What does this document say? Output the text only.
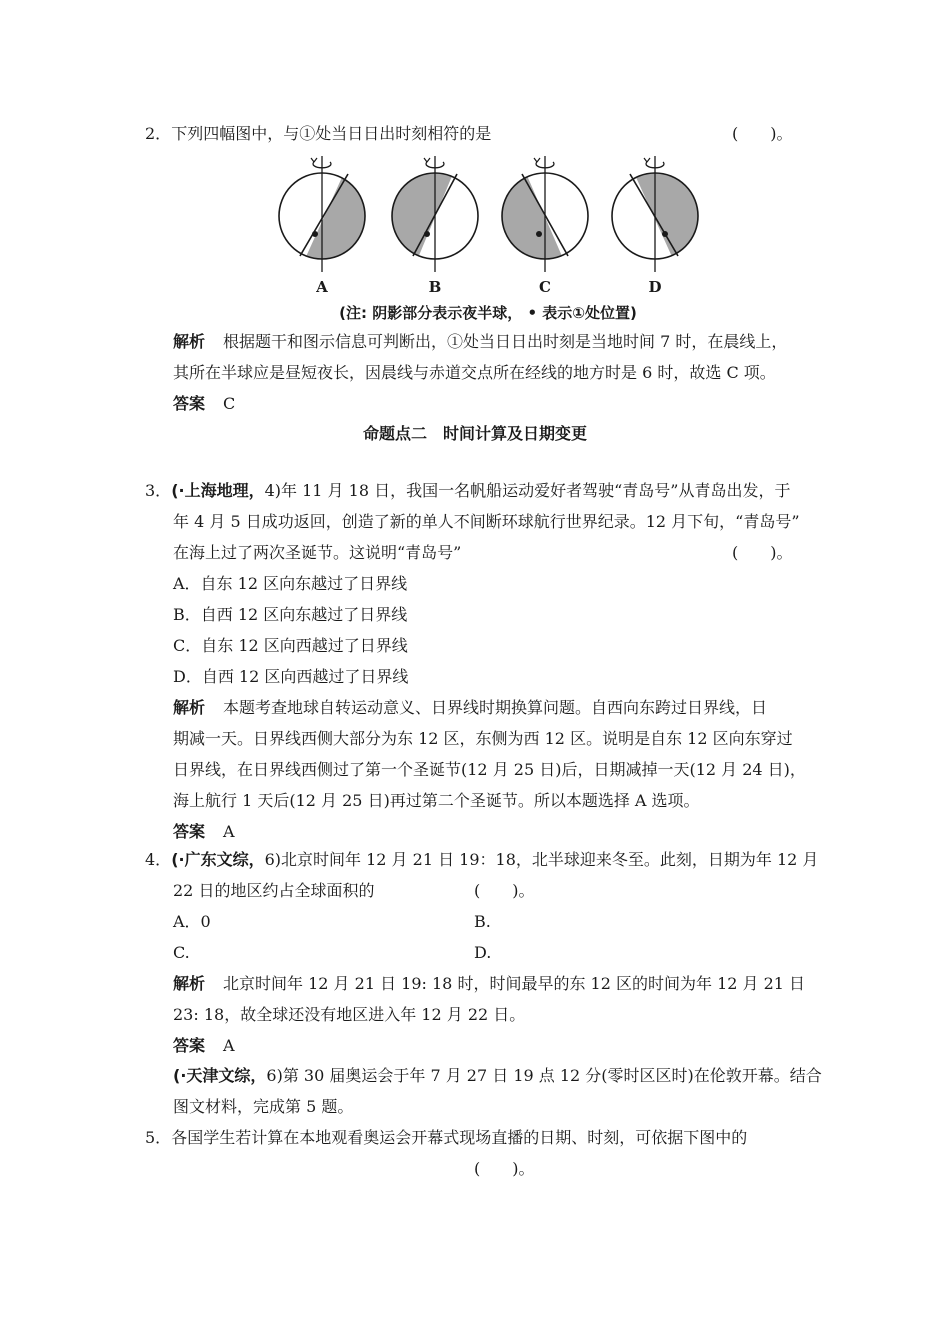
2．下列四幅图中，与①处当日日出时刻相符的是	(　　)。
A	B	C	D
(注: 阴影部分表示夜半球， • 表示①处位置)
解析 根据题干和图示信息可判断出，①处当日日出时刻是当地时间 7 时，在晨线上，
其所在半球应是昼短夜长，因晨线与赤道交点所在经线的地方时是 6 时，故选 C 项。
答案 C
命题点二　时间计算及日期变更
3．(·上海地理，4)年 11 月 18 日，我国一名帆船运动爱好者驾驶“青岛号”从青岛出发，于
年 4 月 5 日成功返回，创造了新的单人不间断环球航行世界纪录。12 月下旬，“青岛号”
在海上过了两次圣诞节。这说明“青岛号”	(　　)。
A．自东 12 区向东越过了日界线
B．自西 12 区向东越过了日界线
C．自东 12 区向西越过了日界线
D．自西 12 区向西越过了日界线
解析 本题考查地球自转运动意义、日界线时期换算问题。自西向东跨过日界线，日
期减一天。日界线西侧大部分为东 12 区，东侧为西 12 区。说明是自东 12 区向东穿过
日界线，在日界线西侧过了第一个圣诞节(12 月 25 日)后，日期减掉一天(12 月 24 日)，
海上航行 1 天后(12 月 25 日)再过第二个圣诞节。所以本题选择 A 选项。
答案 A
4．(·广东文综，6)北京时间年 12 月 21 日 19：18，北半球迎来冬至。此刻，日期为年 12 月
22 日的地区约占全球面积的	(　　)。
A．0	B.
C.	D.
解析 北京时间年 12 月 21 日 19: 18 时，时间最早的东 12 区的时间为年 12 月 21 日
23: 18，故全球还没有地区进入年 12 月 22 日。
答案 A
(·天津文综，6)第 30 届奥运会于年 7 月 27 日 19 点 12 分(零时区区时)在伦敦开幕。结合
图文材料，完成第 5 题。
5．各国学生若计算在本地观看奥运会开幕式现场直播的日期、时刻，可依据下图中的
(　　)。
